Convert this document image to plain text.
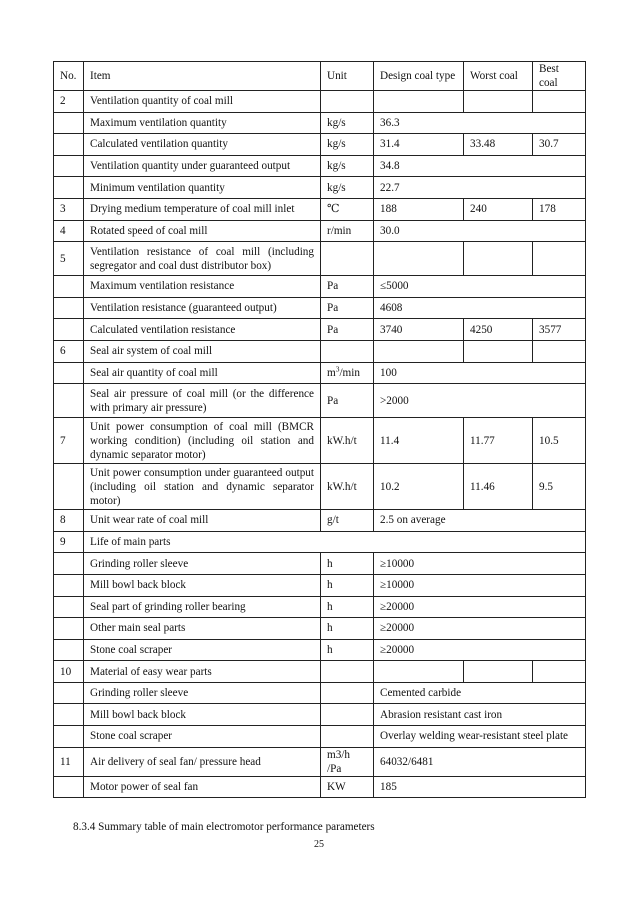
No.	Item	Unit	Design coal type	Worst coal	Best coal
2	Ventilation quantity of coal mill				
	Maximum ventilation quantity	kg/s	36.3		
	Calculated ventilation quantity	kg/s	31.4	33.48	30.7
	Ventilation quantity under guaranteed output	kg/s	34.8		
	Minimum ventilation quantity	kg/s	22.7		
3	Drying medium temperature of coal mill inlet	℃	188	240	178
4	Rotated speed of coal mill	r/min	30.0		
5	Ventilation resistance of coal mill (including segregator and coal dust distributor box)				
	Maximum ventilation resistance	Pa	≤5000		
	Ventilation resistance (guaranteed output)	Pa	4608		
	Calculated ventilation resistance	Pa	3740	4250	3577
6	Seal air system of coal mill				
	Seal air quantity of coal mill	$m^3/\min$	100		
	Seal air pressure of coal mill (or the difference with primary air pressure)	Pa	>2000		
7	Unit power consumption of coal mill (BMCR working condition) (including oil station and dynamic separator motor)	kW.h/t	11.4	11.77	10.5
	Unit power consumption under guaranteed output (including oil station and dynamic separator motor)	kW.h/t	10.2	11.46	9.5
8	Unit wear rate of coal mill	g/t	2.5 on average		
9	Life of main parts				
	Grinding roller sleeve	h	≥10000		
	Mill bowl back block	h	≥10000		
	Seal part of grinding roller bearing	h	≥20000		
	Other main seal parts	h	≥20000		
	Stone coal scraper	h	≥20000		
10	Material of easy wear parts				
	Grinding roller sleeve		Cemented carbide		
	Mill bowl back block		Abrasion resistant cast iron		
	Stone coal scraper		Overlay welding wear-resistant steel plate		
11	Air delivery of seal fan/ pressure head	m3/h /Pa	64032/6481		
	Motor power of seal fan	KW	185		
8.3.4 Summary table of main electromotor performance parameters
25
